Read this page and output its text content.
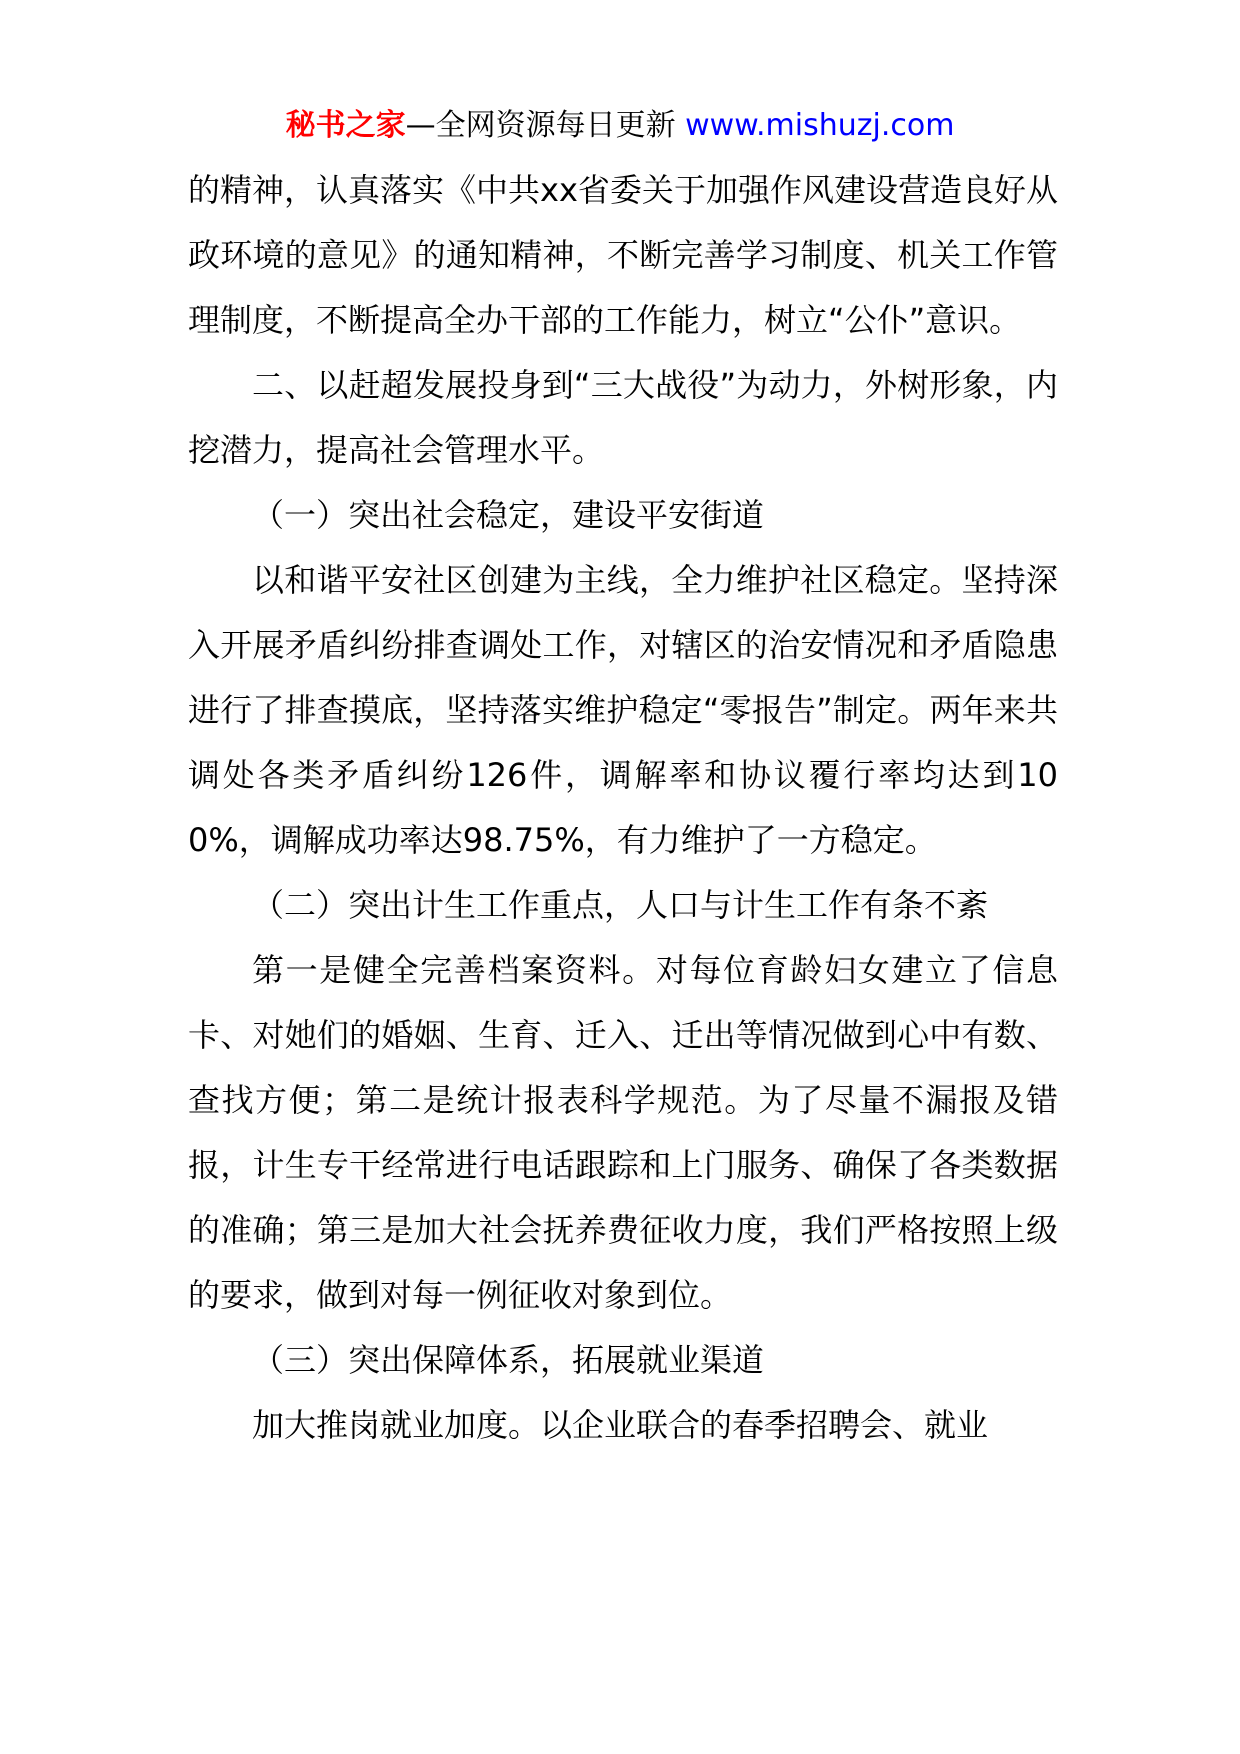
秘书之家—全网资源每日更新 www.mishuzj.com

的精神，认真落实《中共xx省委关于加强作风建设营造良好从政环境的意见》的通知精神，不断完善学习制度、机关工作管理制度，不断提高全办干部的工作能力，树立“公仆”意识。

二、以赶超发展投身到“三大战役”为动力，外树形象，内挖潜力，提高社会管理水平。

（一）突出社会稳定，建设平安街道

以和谐平安社区创建为主线，全力维护社区稳定。坚持深入开展矛盾纠纷排查调处工作，对辖区的治安情况和矛盾隐患进行了排查摸底，坚持落实维护稳定“零报告”制定。两年来共调处各类矛盾纠纷126件，调解率和协议覆行率均达到100%，调解成功率达98.75%，有力维护了一方稳定。

（二）突出计生工作重点，人口与计生工作有条不紊

第一是健全完善档案资料。对每位育龄妇女建立了信息卡、对她们的婚姻、生育、迁入、迁出等情况做到心中有数、查找方便；第二是统计报表科学规范。为了尽量不漏报及错报，计生专干经常进行电话跟踪和上门服务、确保了各类数据的准确；第三是加大社会抚养费征收力度，我们严格按照上级的要求，做到对每一例征收对象到位。

（三）突出保障体系，拓展就业渠道

加大推岗就业加度。以企业联合的春季招聘会、就业
